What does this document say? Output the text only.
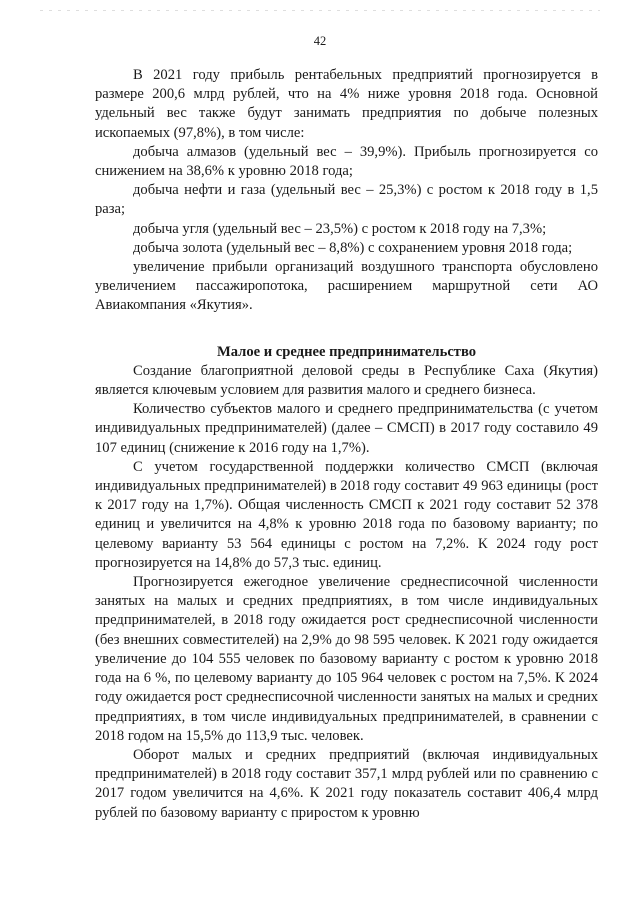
42

В 2021 году прибыль рентабельных предприятий прогнозируется в размере 200,6 млрд рублей, что на 4% ниже уровня 2018 года. Основной удельный вес также будут занимать предприятия по добыче полезных ископаемых (97,8%), в том числе:

добыча алмазов (удельный вес – 39,9%). Прибыль прогнозируется со снижением на 38,6% к уровню 2018 года;

добыча нефти и газа (удельный вес – 25,3%) с ростом к 2018 году в 1,5 раза;

добыча угля (удельный вес – 23,5%) с ростом к 2018 году на 7,3%;

добыча золота (удельный вес – 8,8%) с сохранением уровня 2018 года;

увеличение прибыли организаций воздушного транспорта обусловлено увеличением пассажиропотока, расширением маршрутной сети АО Авиакомпания «Якутия».

Малое и среднее предпринимательство

Создание благоприятной деловой среды в Республике Саха (Якутия) является ключевым условием для развития малого и среднего бизнеса.

Количество субъектов малого и среднего предпринимательства (с учетом индивидуальных предпринимателей) (далее – СМСП) в 2017 году составило 49 107 единиц (снижение к 2016 году на 1,7%).

С учетом государственной поддержки количество СМСП (включая индивидуальных предпринимателей) в 2018 году составит 49 963 единицы (рост к 2017 году на 1,7%). Общая численность СМСП к 2021 году составит 52 378 единиц и увеличится на 4,8% к уровню 2018 года по базовому варианту; по целевому варианту 53 564 единицы с ростом на 7,2%. К 2024 году рост прогнозируется на 14,8% до 57,3 тыс. единиц.

Прогнозируется ежегодное увеличение среднесписочной численности занятых на малых и средних предприятиях, в том числе индивидуальных предпринимателей, в 2018 году ожидается рост среднесписочной численности (без внешних совместителей) на 2,9% до 98 595 человек. К 2021 году ожидается увеличение до 104 555 человек по базовому варианту с ростом к уровню 2018 года на 6 %, по целевому варианту до 105 964 человек с ростом на 7,5%. К 2024 году ожидается рост среднесписочной численности занятых на малых и средних предприятиях, в том числе индивидуальных предпринимателей, в сравнении с 2018 годом на 15,5% до 113,9 тыс. человек.

Оборот малых и средних предприятий (включая индивидуальных предпринимателей) в 2018 году составит 357,1 млрд рублей или по сравнению с 2017 годом увеличится на 4,6%. К 2021 году показатель составит 406,4 млрд рублей по базовому варианту с приростом к уровню
